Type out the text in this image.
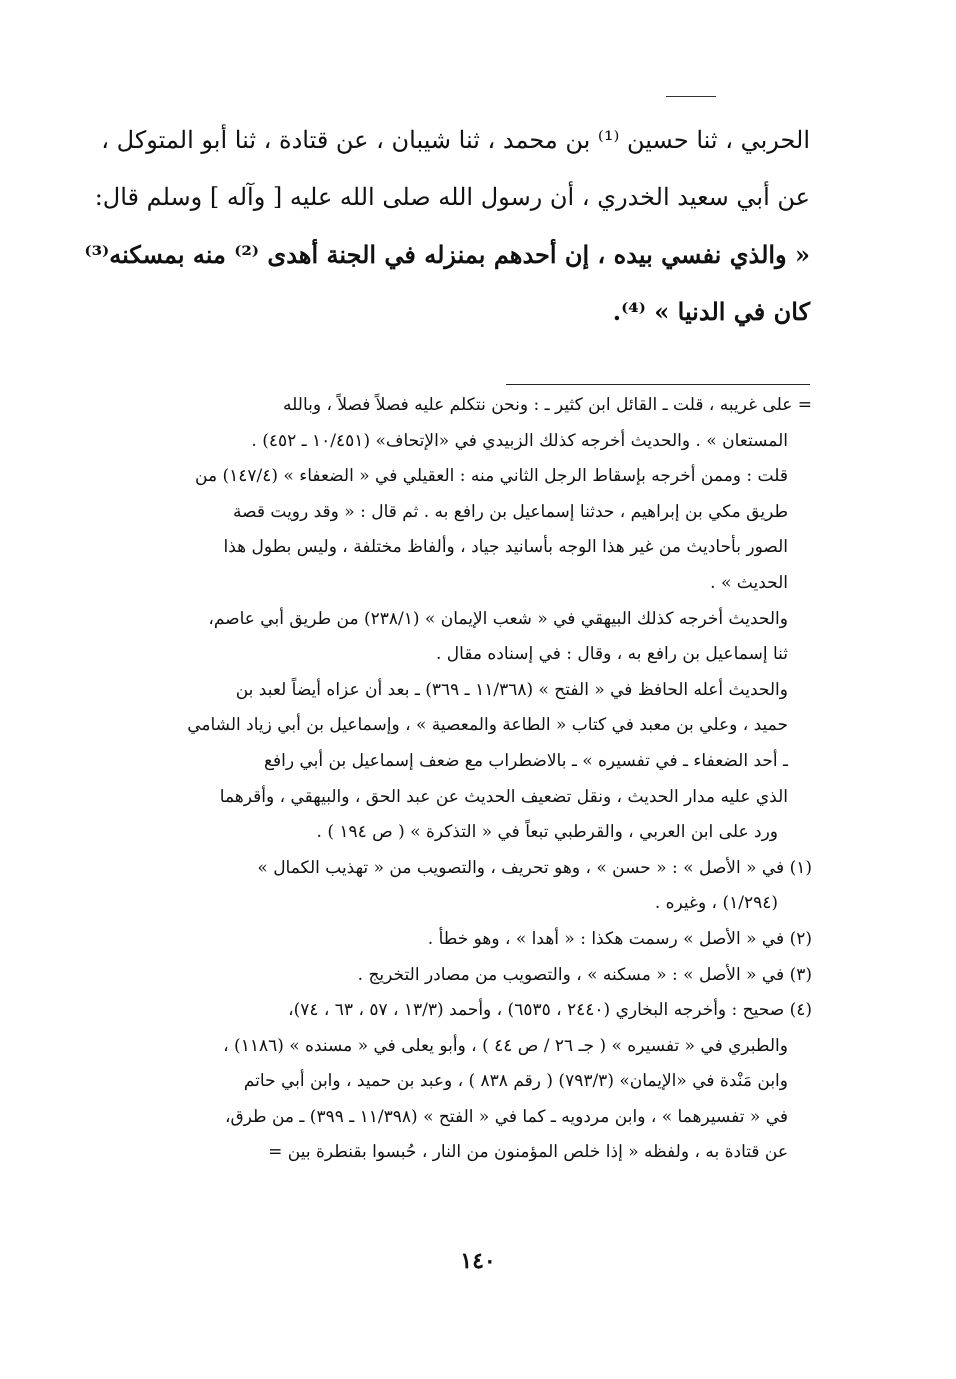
الحربي ، ثنا حسين ⁽¹⁾ بن محمد ، ثنا شيبان ، عن قتادة ، ثنا أبو المتوكل ،
عن أبي سعيد الخدري ، أن رسول الله صلى الله عليه [ وآله ] وسلم قال:
« والذي نفسي بيده ، إن أحدهم بمنزله في الجنة أهدى ⁽²⁾ منه بمسكنه⁽³⁾
كان في الدنيا » ⁽⁴⁾.
= على غريبه ، قلت ـ القائل ابن كثير ـ : ونحن نتكلم عليه فصلاً فصلاً ، وبالله
المستعان » . والحديث أخرجه كذلك الزبيدي في «الإتحاف» (١٠/٤٥١ ـ ٤٥٢) .
قلت : وممن أخرجه بإسقاط الرجل الثاني منه : العقيلي في « الضعفاء » (١٤٧/٤) من
طريق مكي بن إبراهيم ، حدثنا إسماعيل بن رافع به . ثم قال : « وقد رويت قصة
الصور بأحاديث من غير هذا الوجه بأسانيد جياد ، وألفاظ مختلفة ، وليس بطول هذا
الحديث » .
والحديث أخرجه كذلك البيهقي في « شعب الإيمان » (٢٣٨/١) من طريق أبي عاصم،
ثنا إسماعيل بن رافع به ، وقال : في إسناده مقال .
والحديث أعله الحافظ في « الفتح » (١١/٣٦٨ ـ ٣٦٩) ـ بعد أن عزاه أيضاً لعبد بن
حميد ، وعلي بن معبد في كتاب « الطاعة والمعصية » ، وإسماعيل بن أبي زياد الشامي
ـ أحد الضعفاء ـ في تفسيره » ـ بالاضطراب مع ضعف إسماعيل بن أبي رافع
الذي عليه مدار الحديث ، ونقل تضعيف الحديث عن عبد الحق ، والبيهقي ، وأقرهما
ورد على ابن العربي ، والقرطبي تبعاً في « التذكرة » ( ص ١٩٤ ) .
(١) في « الأصل » : « حسن » ، وهو تحريف ، والتصويب من « تهذيب الكمال »
(١/٢٩٤) ، وغيره .
(٢) في « الأصل » رسمت هكذا : « أهدا » ، وهو خطأ .
(٣) في « الأصل » : « مسكنه » ، والتصويب من مصادر التخريج .
(٤) صحيح : وأخرجه البخاري (٢٤٤٠ ، ٦٥٣٥) ، وأحمد (١٣/٣ ، ٥٧ ، ٦٣ ، ٧٤)،
والطبري في « تفسيره » ( جـ ٢٦ / ص ٤٤ ) ، وأبو يعلى في « مسنده » (١١٨٦) ،
وابن مَنْدة في «الإيمان» (٧٩٣/٣) ( رقم ٨٣٨ ) ، وعبد بن حميد ، وابن أبي حاتم
في « تفسيرهما » ، وابن مردويه ـ كما في « الفتح » (١١/٣٩٨ ـ ٣٩٩) ـ من طرق،
عن قتادة به ، ولفظه « إذا خلص المؤمنون من النار ، حُبسوا بقنطرة بين =
١٤٠
